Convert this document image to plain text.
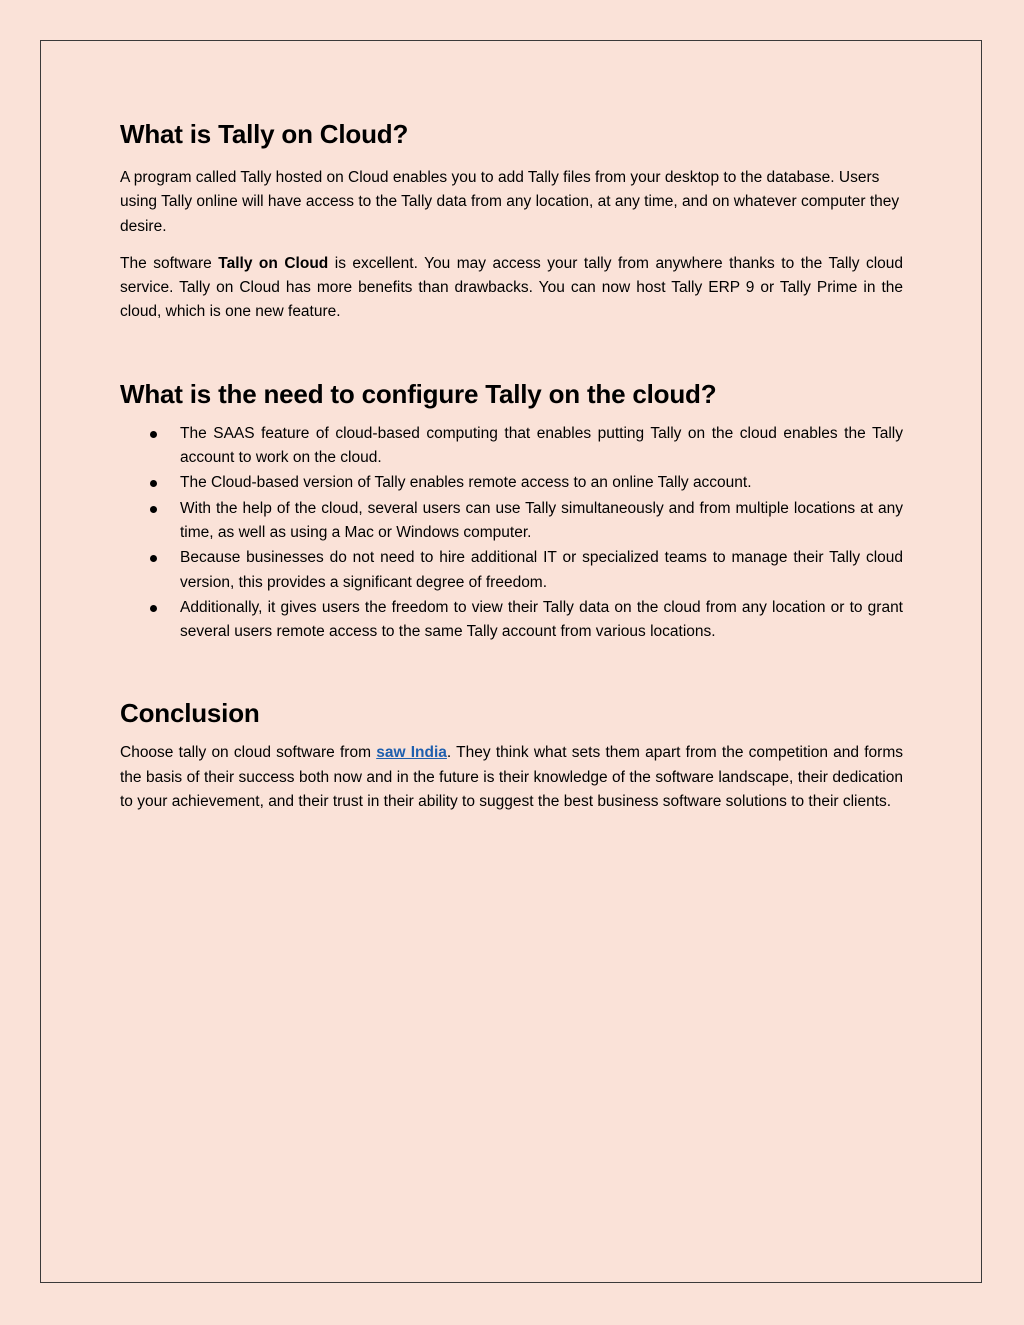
What is Tally on Cloud?

A program called Tally hosted on Cloud enables you to add Tally files from your desktop to the database. Users using Tally online will have access to the Tally data from any location, at any time, and on whatever computer they desire.

The software Tally on Cloud is excellent. You may access your tally from anywhere thanks to the Tally cloud service. Tally on Cloud has more benefits than drawbacks. You can now host Tally ERP 9 or Tally Prime in the cloud, which is one new feature.

What is the need to configure Tally on the cloud?
The SAAS feature of cloud-based computing that enables putting Tally on the cloud enables the Tally account to work on the cloud.
The Cloud-based version of Tally enables remote access to an online Tally account.
With the help of the cloud, several users can use Tally simultaneously and from multiple locations at any time, as well as using a Mac or Windows computer.
Because businesses do not need to hire additional IT or specialized teams to manage their Tally cloud version, this provides a significant degree of freedom.
Additionally, it gives users the freedom to view their Tally data on the cloud from any location or to grant several users remote access to the same Tally account from various locations.
Conclusion

Choose tally on cloud software from saw India. They think what sets them apart from the competition and forms the basis of their success both now and in the future is their knowledge of the software landscape, their dedication to your achievement, and their trust in their ability to suggest the best business software solutions to their clients.
